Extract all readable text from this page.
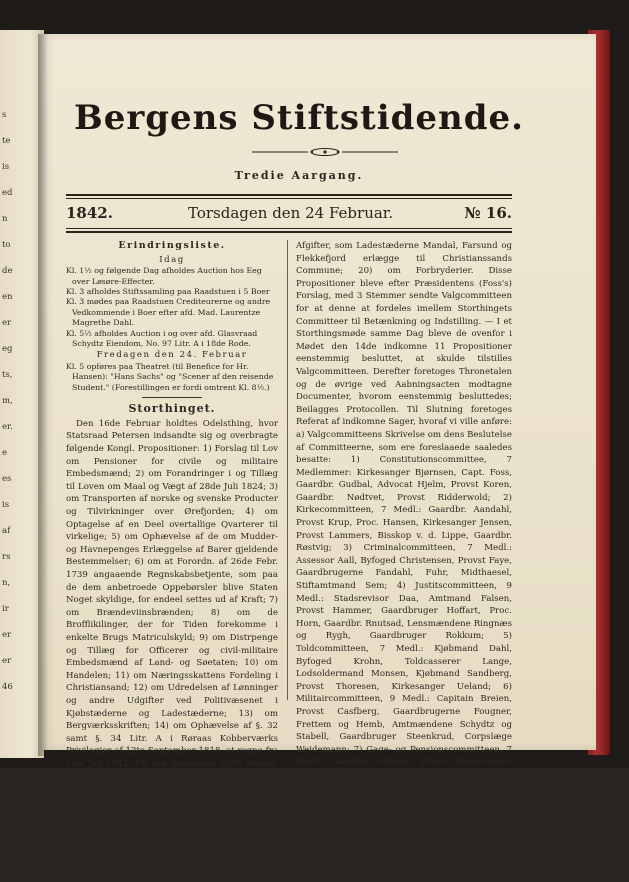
s
te
is
ed
n
to
de
en
er
eg
ts,
m,
er.
e
es
is
af
rs
n,
ir
er
er
46
Bergens Stiftstidende.
Tredie Aargang.
1842.	Torsdagen den 24 Februar.	№ 16.
Erindringsliste.
Idag
Kl. 1½ og følgende Dag afholdes Auction hos Eeg over Løsøre-Effecter.
Kl. 3 afholdes Stiftssamling paa Raadstuen i 5 Boer
Kl. 3 mødes paa Raadstuen Crediteurerne og andre Vedkommende i Boer efter afd. Mad. Laurentze Magrethe Dahl.
Kl. 5½ afholdes Auction i og over afd. Glasvraad Schydtz Eiendom, No. 97 Litr. A i 18de Rode.
Fredagen den 24. Februar
Kl. 5 opføres paa Theatret (til Benefice for Hr. Hansen): "Hans Sachs" og "Scener af den reisende Student." (Forestillingen er fordi omtrent Kl. 8½.)
Storthinget.
Den 16de Februar holdtes Odelsthing, hvor Statsraad Petersen indsandte sig og overbragte følgende Kongl. Propositioner: 1) Forslag til Lov om Pensioner for civile og militaire Embedsmænd; 2) om Forandringer i og Tillæg til Loven om Maal og Vægt af 28de Juli 1824; 3) om Transporten af norske og svenske Producter og Tilvirkninger over Ørefjorden; 4) om Optagelse af en Deel overtallige Qvarterer til virkelige; 5) om Ophævelse af de om Mudder- og Havnepenges Erlæggelse af Barer gjeldende Bestemmelser; 6) om at Forordn. af 26de Febr. 1739 angaaende Regnskabsbetjente, som paa de dem anbetroede Oppebørsler blive Staten Noget skyldige, for endeel settes ud af Kraft; 7) om Brændeviinsbrænden; 8) om de Brofflikilinger, der for Tiden forekomme i enkelte Brugs Matriculskyld; 9) om Distrpenge og Tillæg for Officerer og civil-militaire Embedsmænd af Land- og Søetaten; 10) om Handelen; 11) om Næringsskattens Fordeling i Christiansand; 12) om Udredelsen af Lønninger og andre Udgifter ved Politivæsenet i Kjøbstæderne og Ladestæderne; 13) om Bergværksskriften; 14) om Ophævelse af §. 32 samt §. 34 Litr. A i Røraas Kobberværks Privilegier af 12te September 1818, at regne fra 1ste Juli 1842; 15) om Agershuus Stifts Deling; 16) om Forandring i Kjøbstæderne Skiens og Porsgrunds samt Ladestæderne Brevigs, Stathelles og Langesunds Jurisdictioner, indbyrdes Forhold, Udskrivning, Grændser m.v.; 17) om dimitterede Strafarbeidsfanger; 18) om Ladestedsrettigheder for Stedet Haugesund i Torvestads Præstegjeld, Ryfylke Fogderie; 19) om de
Afgifter, som Ladestæderne Mandal, Farsund og Flekkefjord erlægge til Christianssands Commune; 20) om Forbryderier. Disse Propositioner bleve efter Præsidentens (Foss's) Forslag, med 3 Stemmer sendte Valgcommitteen for at denne at fordeles imellem Storthingets Committeer til Betænkning og Indstilling. — I et Storthingsmøde samme Dag bleve de ovenfor i Mødet den 14de indkomne 11 Propositioner eenstemmig besluttet, at skulde tilstilles Valgcommitteen. Derefter foretoges Thronetalen og de øvrige ved Aabningsacten modtagne Documenter, hvorom eenstemmig besluttedes; Beilagges Protocollen. Til Slutning foretoges Referat af indkomne Sager, hvoraf vi ville anføre: a) Valgcommitteens Skrivelse om dens Beslutelse af Committeerne, som ere foreslaaede saaledes besatte: 1) Constitutionscommittee, 7 Medlemmer: Kirkesanger Bjørnsen, Capt. Foss, Gaardbr. Gudbal, Advocat Hjelm, Provst Koren, Gaardbr. Nødtvet, Provst Ridderwold; 2) Kirkecommitteen, 7 Medl.: Gaardbr. Aandahl, Provst Krup, Proc. Hansen, Kirkesanger Jensen, Provst Lammers, Bisskop v. d. Lippe, Gaardbr. Røstvig; 3) Criminalcommitteen, 7 Medl.: Assessor Aall, Byfoged Christensen, Provst Faye, Gaardbrugerne Fandahl, Fuhr, Midthaesel, Stiftamtmand Sem; 4) Justitscommitteen, 9 Medl.: Stadsrevisor Daa, Amtmand Falsen, Provst Hammer, Gaardbruger Hoffart, Proc. Horn, Gaardbr. Rnutsad, Lensmændene Ringnæs og Rygh, Gaardbruger Rokkum; 5) Toldcommitteen, 7 Medl.: Kjøbmand Dahl, Byfoged Krohn, Toldcasserer Lange, Lodsoldermand Monsen, Kjøbmand Sandberg, Provst Thoresen, Kirkesanger Ueland; 6) Militaircommitteen, 9 Medl.: Capitain Breien, Provst Casfberg, Gaardbrugerne Fougner, Frettem og Hemb, Amtmændene Schydtz og Stabell, Gaardbruger Steenkrud, Corpslæge Weidemann; 7) Gage- og Pensionscommitteen, 7 Medl.: Gaardbr. Antzion, Provst Holtermann, Overlærer Lange, Sorenskriver Nielsen, Gaardbrugerne Sæther og Walstad, Provst Winsnæs; 8) Budgetcommitteen, 9 Medl.: Lensmand Berge, Grosserer Feyn, Gaardbr. Grendal, Provst Harbitz, Foged Heiberg, Gaardbr. Herrefosser, Provst Jonsberg, Assessor Nye, Gaardbr. Staff; 9) Bankcommitteen, 7 Medl.: Adjunct Arentz, Gaardbr. Haagenstad, Kjøbmand Nil. Jensen, Gaardbr. Laane, Just.
